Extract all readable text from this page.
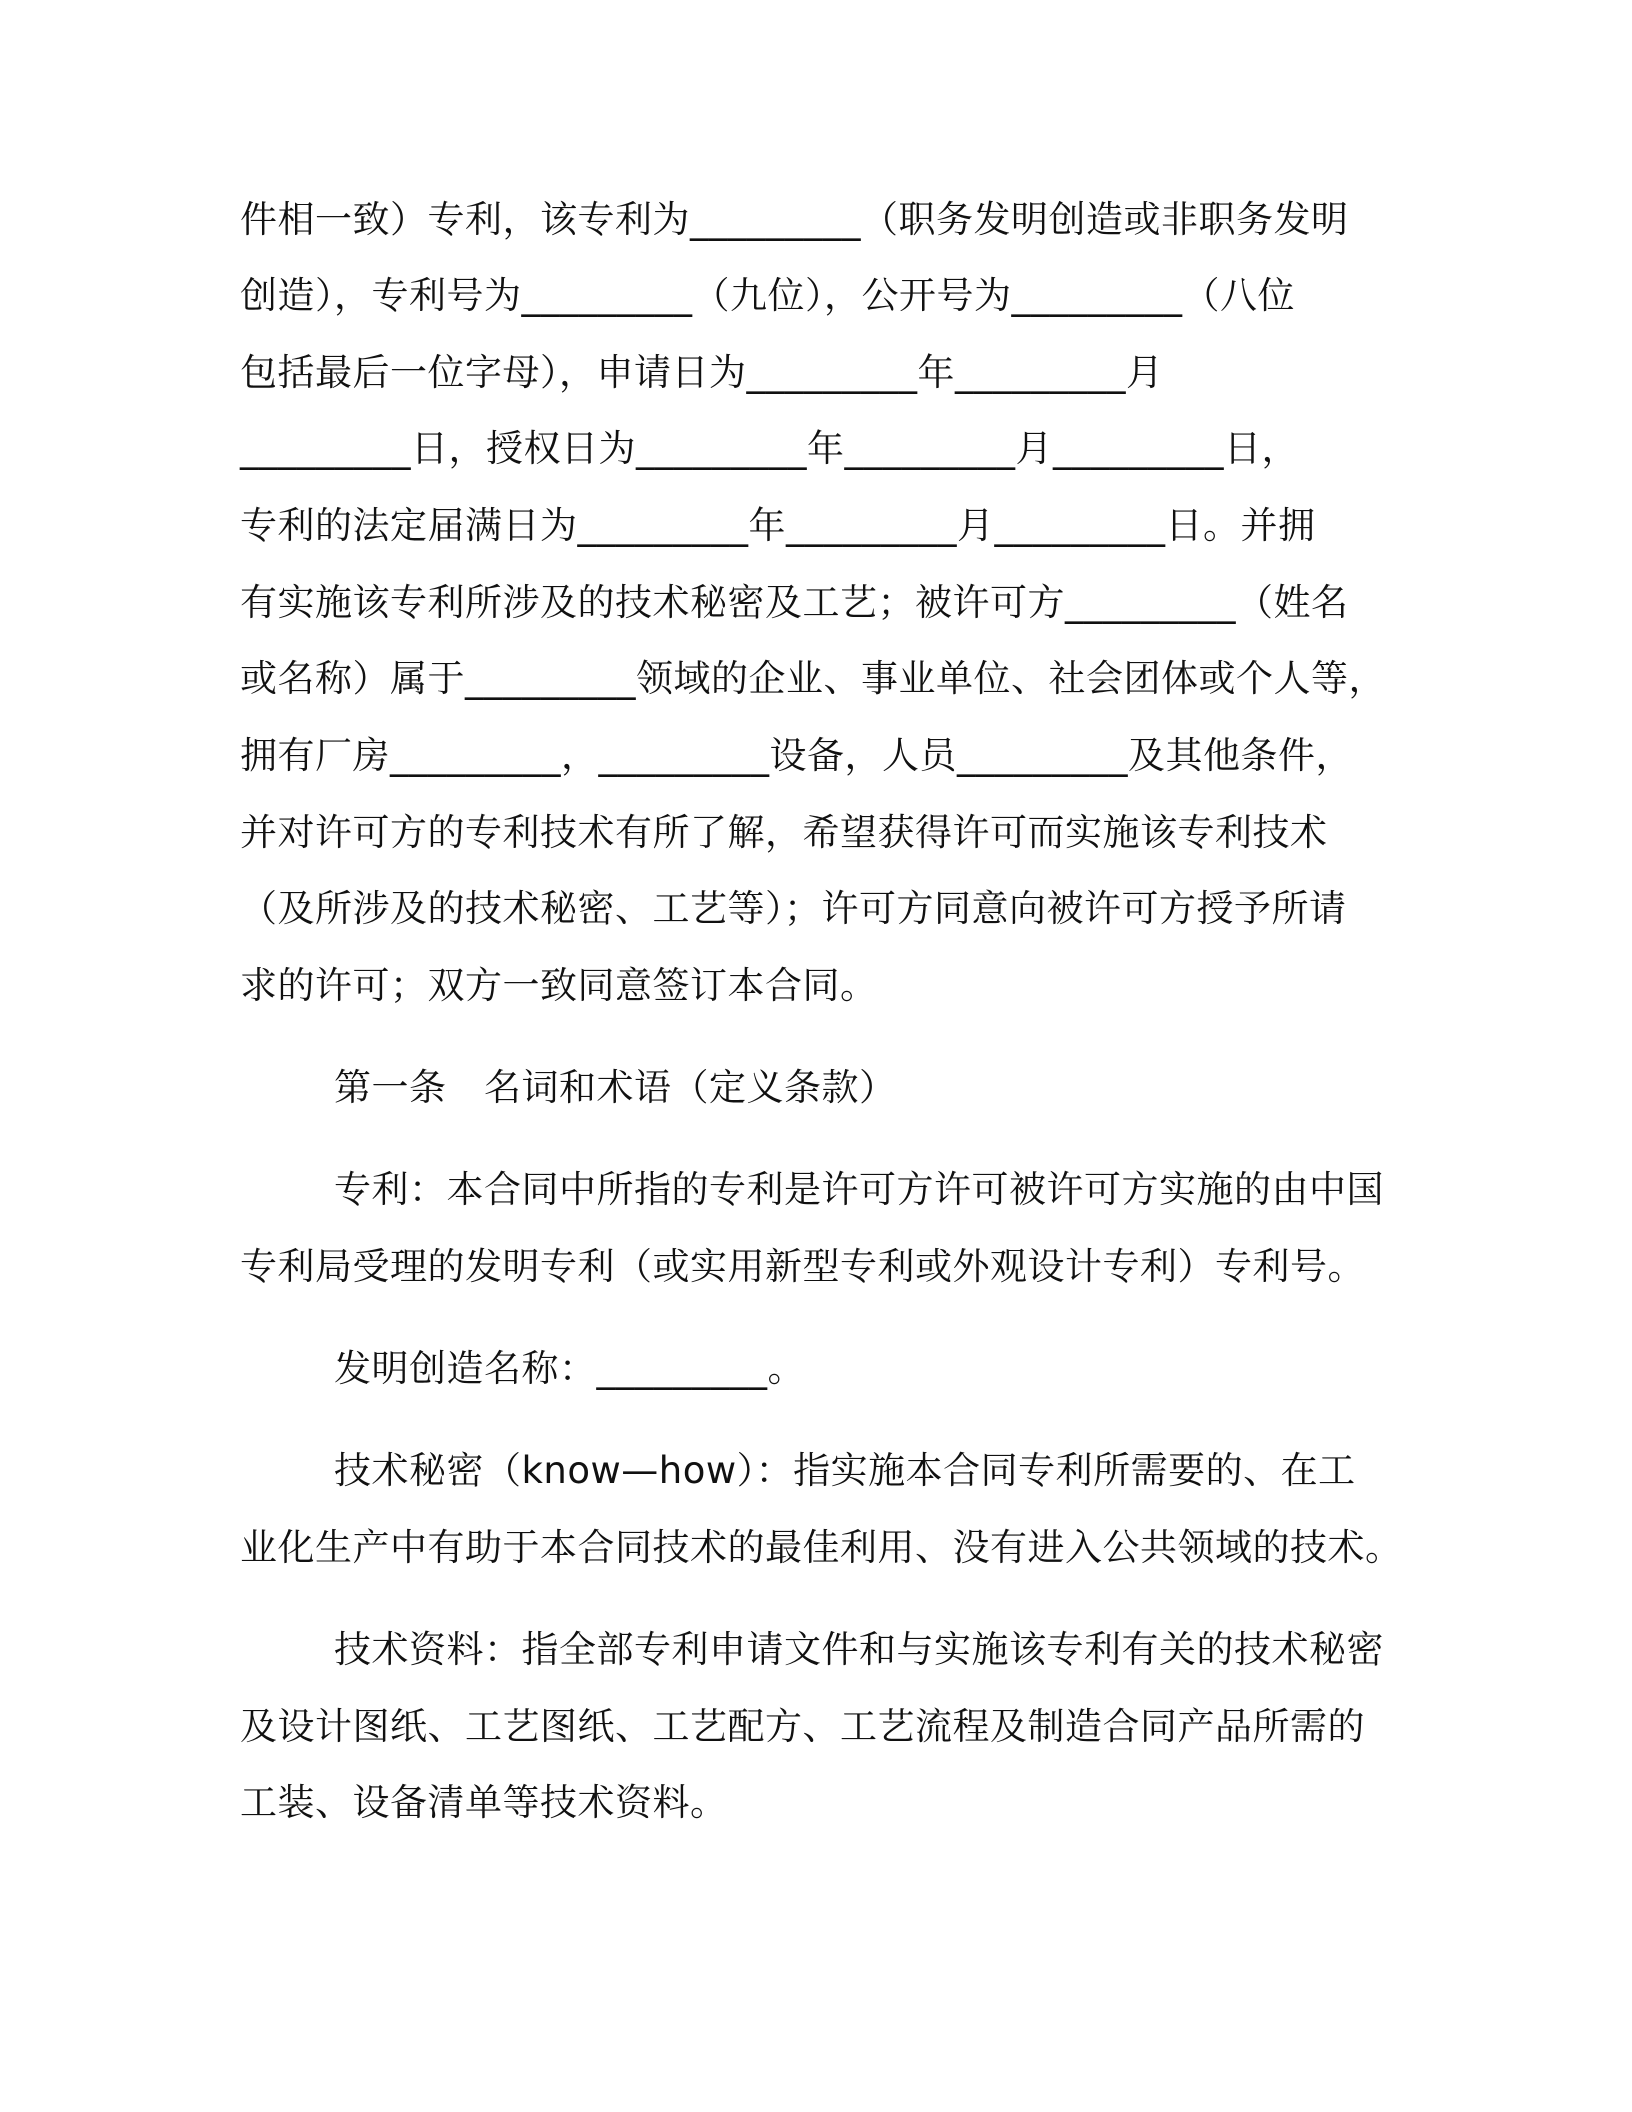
件相一致）专利，该专利为_________（职务发明创造或非职务发明
创造），专利号为_________（九位），公开号为_________（八位
包括最后一位字母），申请日为_________年_________月
_________日，授权日为_________年_________月_________日，
专利的法定届满日为_________年_________月_________日。并拥
有实施该专利所涉及的技术秘密及工艺；被许可方_________（姓名
或名称）属于_________领域的企业、事业单位、社会团体或个人等，
拥有厂房_________，_________设备，人员_________及其他条件，
并对许可方的专利技术有所了解，希望获得许可而实施该专利技术
（及所涉及的技术秘密、工艺等）；许可方同意向被许可方授予所请
求的许可；双方一致同意签订本合同。
第一条　名词和术语（定义条款）
专利：本合同中所指的专利是许可方许可被许可方实施的由中国
专利局受理的发明专利（或实用新型专利或外观设计专利）专利号。
发明创造名称：_________。
技术秘密（know—how）：指实施本合同专利所需要的、在工
业化生产中有助于本合同技术的最佳利用、没有进入公共领域的技术。
技术资料：指全部专利申请文件和与实施该专利有关的技术秘密
及设计图纸、工艺图纸、工艺配方、工艺流程及制造合同产品所需的
工装、设备清单等技术资料。
